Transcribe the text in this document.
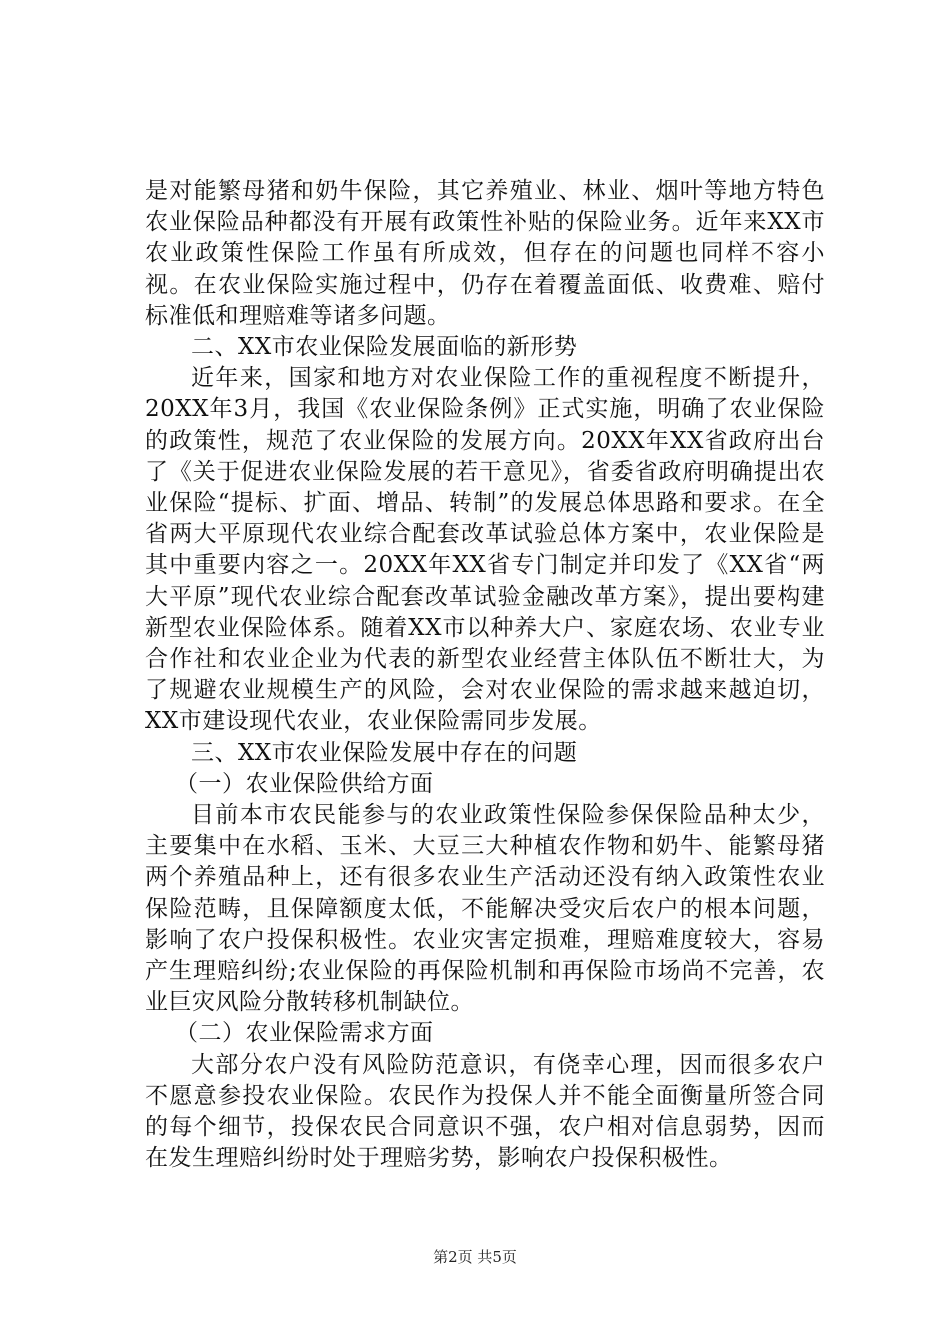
是对能繁母猪和奶牛保险，其它养殖业、林业、烟叶等地方特色农业保险品种都没有开展有政策性补贴的保险业务。近年来XX市农业政策性保险工作虽有所成效，但存在的问题也同样不容小视。在农业保险实施过程中，仍存在着覆盖面低、收费难、赔付标准低和理赔难等诸多问题。

二、XX市农业保险发展面临的新形势

近年来，国家和地方对农业保险工作的重视程度不断提升，20XX年3月，我国《农业保险条例》正式实施，明确了农业保险的政策性，规范了农业保险的发展方向。20XX年XX省政府出台了《关于促进农业保险发展的若干意见》，省委省政府明确提出农业保险“提标、扩面、增品、转制”的发展总体思路和要求。在全省两大平原现代农业综合配套改革试验总体方案中，农业保险是其中重要内容之一。20XX年XX省专门制定并印发了《XX省“两大平原”现代农业综合配套改革试验金融改革方案》，提出要构建新型农业保险体系。随着XX市以种养大户、家庭农场、农业专业合作社和农业企业为代表的新型农业经营主体队伍不断壮大，为了规避农业规模生产的风险，会对农业保险的需求越来越迫切，XX市建设现代农业，农业保险需同步发展。

三、XX市农业保险发展中存在的问题

（一）农业保险供给方面

目前本市农民能参与的农业政策性保险参保保险品种太少，主要集中在水稻、玉米、大豆三大种植农作物和奶牛、能繁母猪两个养殖品种上，还有很多农业生产活动还没有纳入政策性农业保险范畴，且保障额度太低，不能解决受灾后农户的根本问题，影响了农户投保积极性。农业灾害定损难，理赔难度较大，容易产生理赔纠纷;农业保险的再保险机制和再保险市场尚不完善，农业巨灾风险分散转移机制缺位。

（二）农业保险需求方面

大部分农户没有风险防范意识，有侥幸心理，因而很多农户不愿意参投农业保险。农民作为投保人并不能全面衡量所签合同的每个细节，投保农民合同意识不强，农户相对信息弱势，因而在发生理赔纠纷时处于理赔劣势，影响农户投保积极性。

第2页 共5页
